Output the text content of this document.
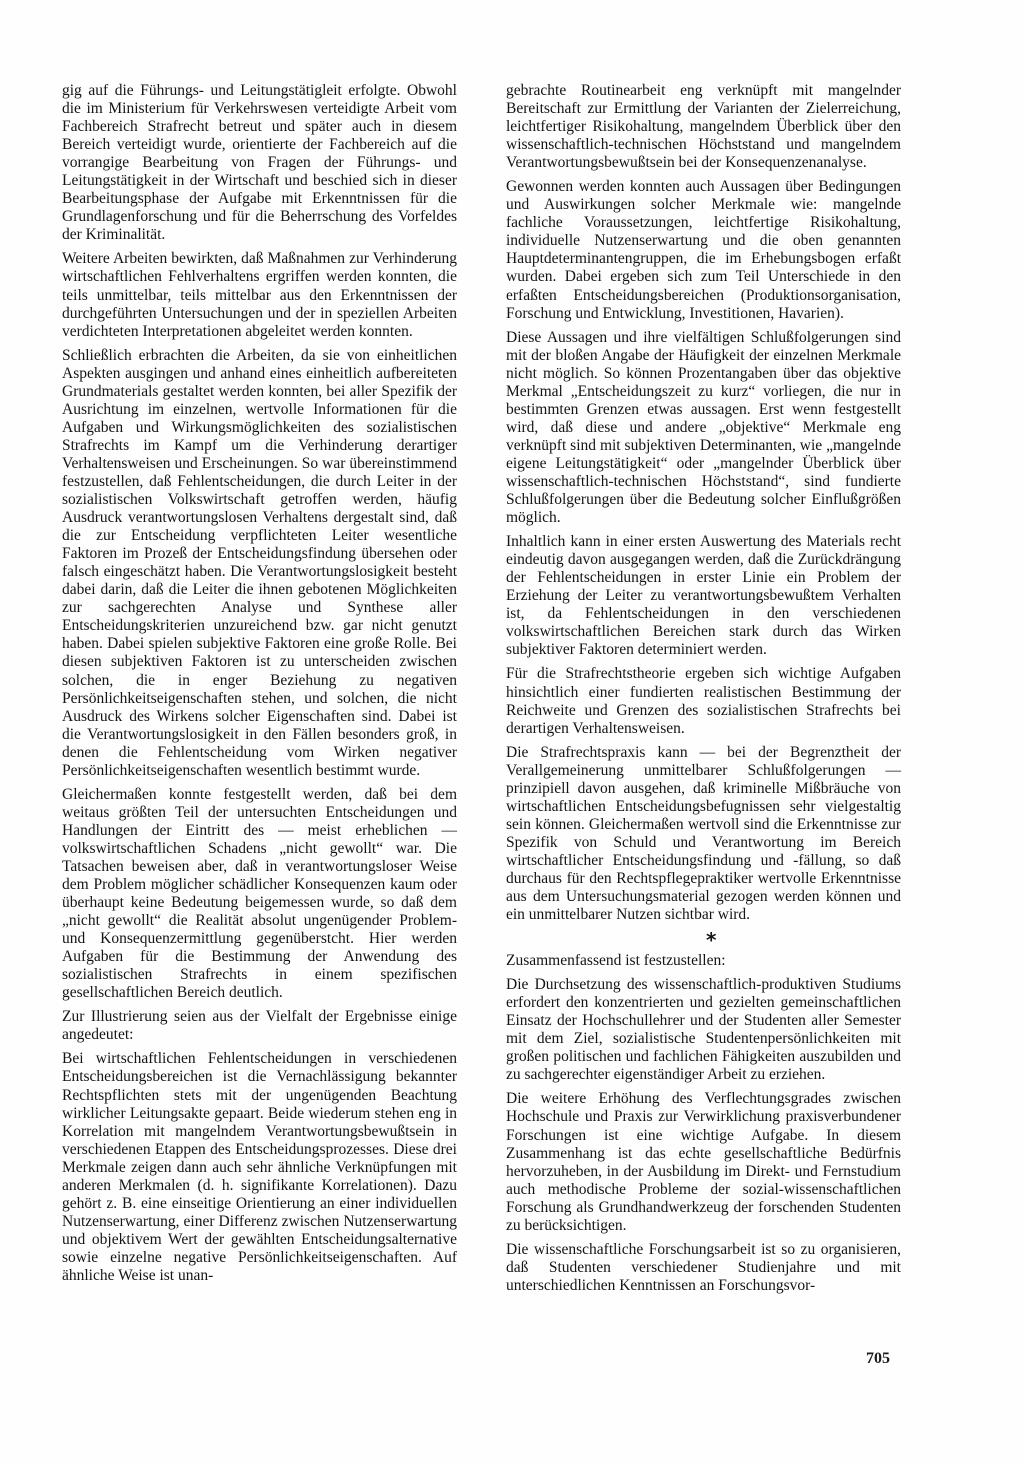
gig auf die Führungs- und Leitungstätigleit erfolgte. Obwohl die im Ministerium für Verkehrswesen verteidigte Arbeit vom Fachbereich Strafrecht betreut und später auch in diesem Bereich verteidigt wurde, orientierte der Fachbereich auf die vorrangige Bearbeitung von Fragen der Führungs- und Leitungstätigkeit in der Wirtschaft und beschied sich in dieser Bearbeitungsphase der Aufgabe mit Erkenntnissen für die Grundlagenforschung und für die Beherrschung des Vorfeldes der Kriminalität.

Weitere Arbeiten bewirkten, daß Maßnahmen zur Verhinderung wirtschaftlichen Fehlverhaltens ergriffen werden konnten, die teils unmittelbar, teils mittelbar aus den Erkenntnissen der durchgeführten Untersuchungen und der in speziellen Arbeiten verdichteten Interpretationen abgeleitet werden konnten.

Schließlich erbrachten die Arbeiten, da sie von einheitlichen Aspekten ausgingen und anhand eines einheitlich aufbereiteten Grundmaterials gestaltet werden konnten, bei aller Spezifik der Ausrichtung im einzelnen, wertvolle Informationen für die Aufgaben und Wirkungsmöglichkeiten des sozialistischen Strafrechts im Kampf um die Verhinderung derartiger Verhaltensweisen und Erscheinungen. So war übereinstimmend festzustellen, daß Fehlentscheidungen, die durch Leiter in der sozialistischen Volkswirtschaft getroffen werden, häufig Ausdruck verantwortungslosen Verhaltens dergestalt sind, daß die zur Entscheidung verpflichteten Leiter wesentliche Faktoren im Prozeß der Entscheidungsfindung übersehen oder falsch eingeschätzt haben. Die Verantwortungslosigkeit besteht dabei darin, daß die Leiter die ihnen gebotenen Möglichkeiten zur sachgerechten Analyse und Synthese aller Entscheidungskriterien unzureichend bzw. gar nicht genutzt haben. Dabei spielen subjektive Faktoren eine große Rolle. Bei diesen subjektiven Faktoren ist zu unterscheiden zwischen solchen, die in enger Beziehung zu negativen Persönlichkeitseigenschaften stehen, und solchen, die nicht Ausdruck des Wirkens solcher Eigenschaften sind. Dabei ist die Verantwortungslosigkeit in den Fällen besonders groß, in denen die Fehlentscheidung vom Wirken negativer Persönlichkeitseigenschaften wesentlich bestimmt wurde.

Gleichermaßen konnte festgestellt werden, daß bei dem weitaus größten Teil der untersuchten Entscheidungen und Handlungen der Eintritt des — meist erheblichen — volkswirtschaftlichen Schadens „nicht gewollt“ war. Die Tatsachen beweisen aber, daß in verantwortungsloser Weise dem Problem möglicher schädlicher Konsequenzen kaum oder überhaupt keine Bedeutung beigemessen wurde, so daß dem „nicht gewollt“ die Realität absolut ungenügender Problem- und Konsequenzermittlung gegenüberstcht. Hier werden Aufgaben für die Bestimmung der Anwendung des sozialistischen Strafrechts in einem spezifischen gesellschaftlichen Bereich deutlich.

Zur Illustrierung seien aus der Vielfalt der Ergebnisse einige angedeutet:

Bei wirtschaftlichen Fehlentscheidungen in verschiedenen Entscheidungsbereichen ist die Vernachlässigung bekannter Rechtspflichten stets mit der ungenügenden Beachtung wirklicher Leitungsakte gepaart. Beide wiederum stehen eng in Korrelation mit mangelndem Verantwortungsbewußtsein in verschiedenen Etappen des Entscheidungsprozesses. Diese drei Merkmale zeigen dann auch sehr ähnliche Verknüpfungen mit anderen Merkmalen (d. h. signifikante Korrelationen). Dazu gehört z. B. eine einseitige Orientierung an einer individuellen Nutzenserwartung, einer Differenz zwischen Nutzenserwartung und objektivem Wert der gewählten Entscheidungsalternative sowie einzelne negative Persönlichkeitseigenschaften. Auf ähnliche Weise ist unan-

gebrachte Routinearbeit eng verknüpft mit mangelnder Bereitschaft zur Ermittlung der Varianten der Zielerreichung, leichtfertiger Risikohaltung, mangelndem Überblick über den wissenschaftlich-technischen Höchststand und mangelndem Verantwortungsbewußtsein bei der Konsequenzenanalyse.

Gewonnen werden konnten auch Aussagen über Bedingungen und Auswirkungen solcher Merkmale wie: mangelnde fachliche Voraussetzungen, leichtfertige Risikohaltung, individuelle Nutzenserwartung und die oben genannten Hauptdeterminantengruppen, die im Erhebungsbogen erfaßt wurden. Dabei ergeben sich zum Teil Unterschiede in den erfaßten Entscheidungsbereichen (Produktionsorganisation, Forschung und Entwicklung, Investitionen, Havarien).

Diese Aussagen und ihre vielfältigen Schlußfolgerungen sind mit der bloßen Angabe der Häufigkeit der einzelnen Merkmale nicht möglich. So können Prozentangaben über das objektive Merkmal „Entscheidungszeit zu kurz“ vorliegen, die nur in bestimmten Grenzen etwas aussagen. Erst wenn festgestellt wird, daß diese und andere „objektive“ Merkmale eng verknüpft sind mit subjektiven Determinanten, wie „mangelnde eigene Leitungstätigkeit“ oder „mangelnder Überblick über wissenschaftlich-technischen Höchststand“, sind fundierte Schlußfolgerungen über die Bedeutung solcher Einflußgrößen möglich.

Inhaltlich kann in einer ersten Auswertung des Materials recht eindeutig davon ausgegangen werden, daß die Zurückdrängung der Fehlentscheidungen in erster Linie ein Problem der Erziehung der Leiter zu verantwortungsbewußtem Verhalten ist, da Fehlentscheidungen in den verschiedenen volkswirtschaftlichen Bereichen stark durch das Wirken subjektiver Faktoren determiniert werden.

Für die Strafrechtstheorie ergeben sich wichtige Aufgaben hinsichtlich einer fundierten realistischen Bestimmung der Reichweite und Grenzen des sozialistischen Strafrechts bei derartigen Verhaltensweisen.

Die Strafrechtspraxis kann — bei der Begrenztheit der Verallgemeinerung unmittelbarer Schlußfolgerungen — prinzipiell davon ausgehen, daß kriminelle Mißbräuche von wirtschaftlichen Entscheidungsbefugnissen sehr vielgestaltig sein können. Gleichermaßen wertvoll sind die Erkenntnisse zur Spezifik von Schuld und Verantwortung im Bereich wirtschaftlicher Entscheidungsfindung und -fällung, so daß durchaus für den Rechtspflegepraktiker wertvolle Erkenntnisse aus dem Untersuchungsmaterial gezogen werden können und ein unmittelbarer Nutzen sichtbar wird.

*

Zusammenfassend ist festzustellen:

Die Durchsetzung des wissenschaftlich-produktiven Studiums erfordert den konzentrierten und gezielten gemeinschaftlichen Einsatz der Hochschullehrer und der Studenten aller Semester mit dem Ziel, sozialistische Studentenpersönlichkeiten mit großen politischen und fachlichen Fähigkeiten auszubilden und zu sachgerechter eigenständiger Arbeit zu erziehen.

Die weitere Erhöhung des Verflechtungsgrades zwischen Hochschule und Praxis zur Verwirklichung praxisverbundener Forschungen ist eine wichtige Aufgabe. In diesem Zusammenhang ist das echte gesellschaftliche Bedürfnis hervorzuheben, in der Ausbildung im Direkt- und Fernstudium auch methodische Probleme der sozial-wissenschaftlichen Forschung als Grundhandwerkzeug der forschenden Studenten zu berücksichtigen.

Die wissenschaftliche Forschungsarbeit ist so zu organisieren, daß Studenten verschiedener Studienjahre und mit unterschiedlichen Kenntnissen an Forschungsvor-

705
